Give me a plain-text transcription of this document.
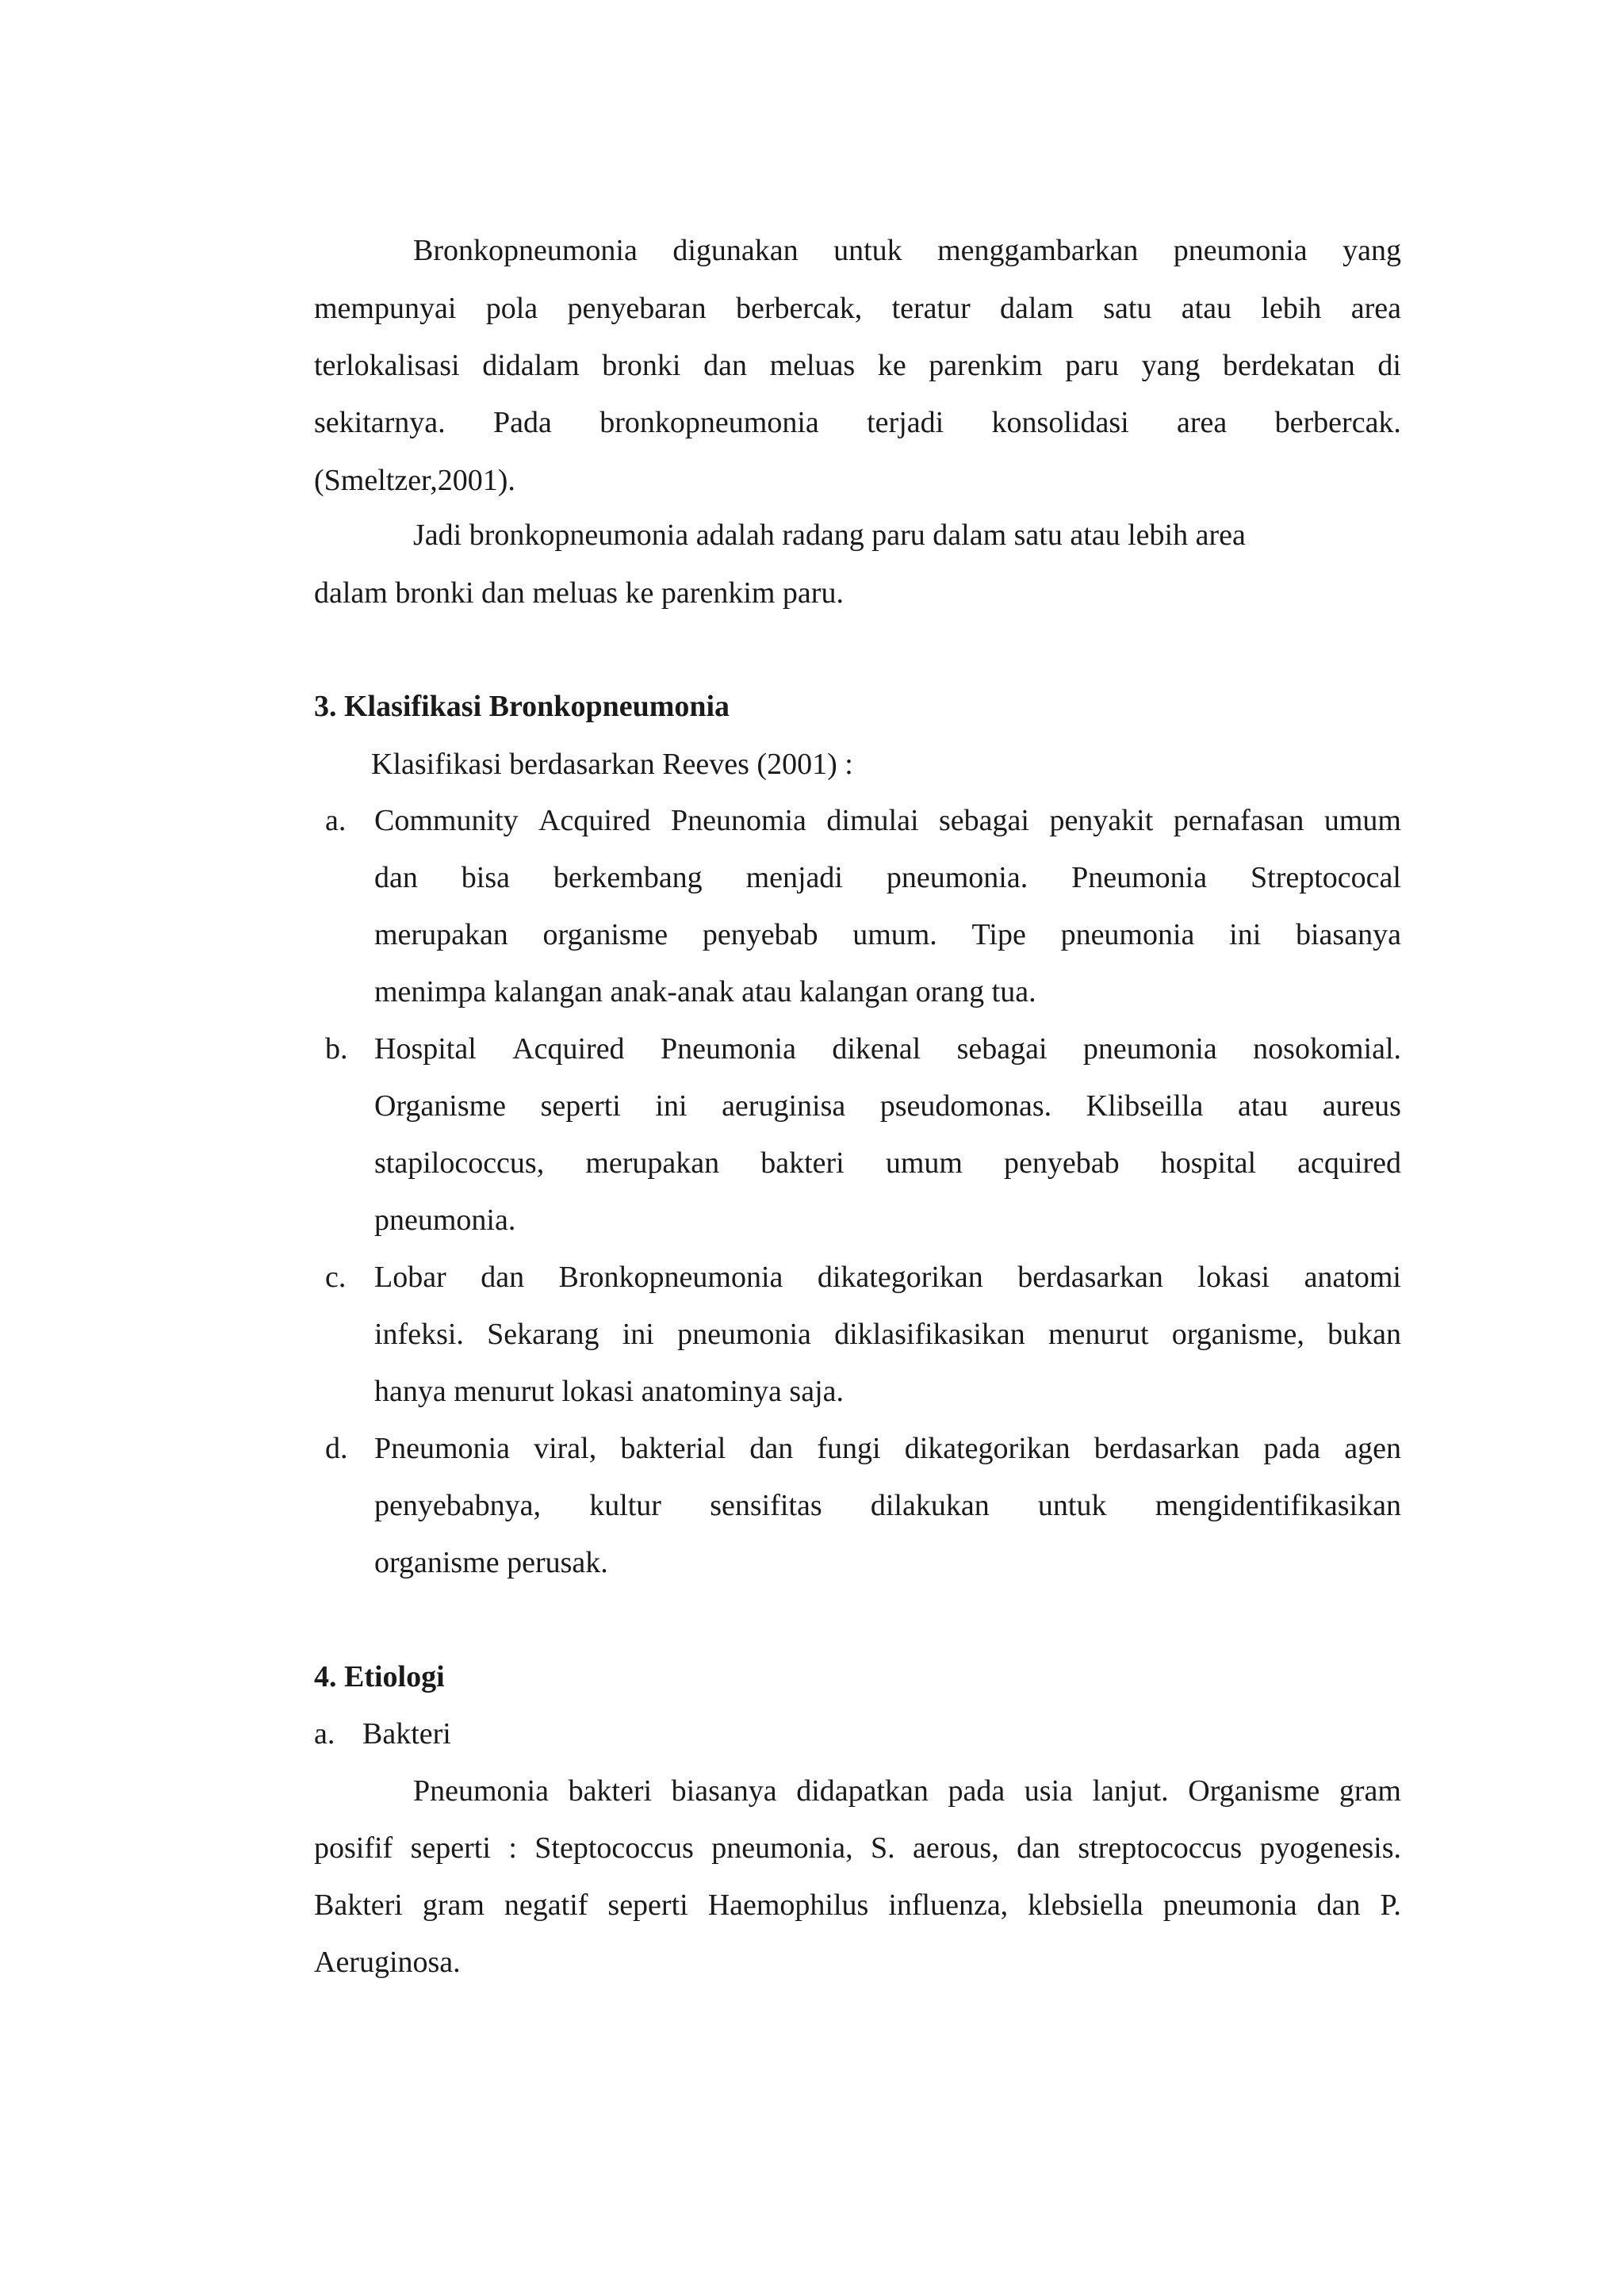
Bronkopneumonia digunakan untuk menggambarkan pneumonia yang
mempunyai pola penyebaran berbercak, teratur dalam satu atau lebih area
terlokalisasi didalam bronki dan meluas ke parenkim paru yang berdekatan di
sekitarnya. Pada bronkopneumonia terjadi konsolidasi area berbercak.
(Smeltzer,2001).
Jadi bronkopneumonia adalah radang paru dalam satu atau lebih area
dalam bronki dan meluas ke parenkim paru.
3. Klasifikasi Bronkopneumonia
Klasifikasi berdasarkan Reeves (2001) :
a. Community Acquired Pneunomia dimulai sebagai penyakit pernafasan umum
dan bisa berkembang menjadi pneumonia. Pneumonia Streptococal
merupakan organisme penyebab umum. Tipe pneumonia ini biasanya
menimpa kalangan anak-anak atau kalangan orang tua.
b. Hospital Acquired Pneumonia dikenal sebagai pneumonia nosokomial.
Organisme seperti ini aeruginisa pseudomonas. Klibseilla atau aureus
stapilococcus, merupakan bakteri umum penyebab hospital acquired
pneumonia.
c. Lobar dan Bronkopneumonia dikategorikan berdasarkan lokasi anatomi
infeksi. Sekarang ini pneumonia diklasifikasikan menurut organisme, bukan
hanya menurut lokasi anatominya saja.
d. Pneumonia viral, bakterial dan fungi dikategorikan berdasarkan pada agen
penyebabnya, kultur sensifitas dilakukan untuk mengidentifikasikan
organisme perusak.
4. Etiologi
a. Bakteri
Pneumonia bakteri biasanya didapatkan pada usia lanjut. Organisme gram
posifif seperti : Steptococcus pneumonia, S. aerous, dan streptococcus pyogenesis.
Bakteri gram negatif seperti Haemophilus influenza, klebsiella pneumonia dan P.
Aeruginosa.
